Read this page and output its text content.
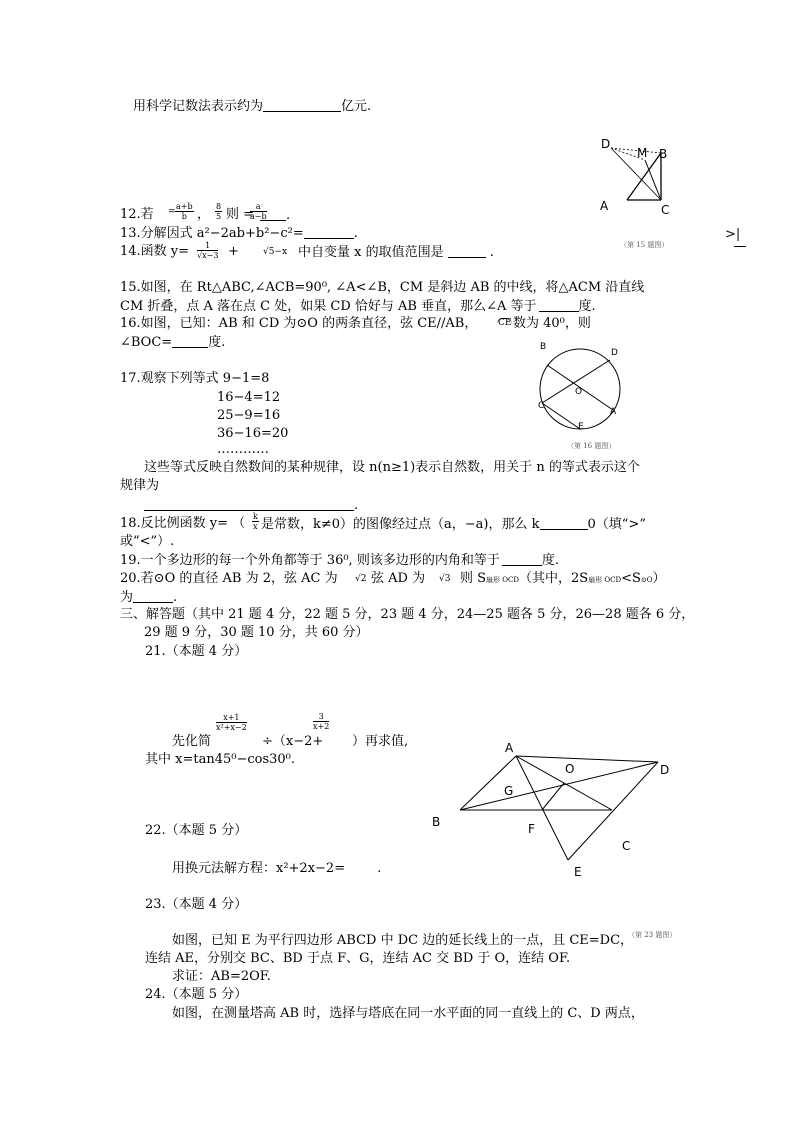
用科学记数法表示约为	亿元.
D
M B
A	C
（第 15 题图）
>|
12.若	$\frac{a+b}{b}$
= ， $\frac{8}{5}$ 则 =
$\frac{a}{a-b}$	.
13.分解因式 a²−2ab+b²−c²=	.
14.函数 $y= \frac{1}{√x-3}$ +	√5−x 中自变量 x 的取值范围是	.
15.如图，在 Rt△ABC,∠ACB=90⁰, ∠A<∠B，CM 是斜边 AB 的中线，将△ACM 沿直线
CM 折叠，点 A 落在点 C 处，如果 CD 恰好与 AB 垂直，那么∠A 等于	度.
16.如图，已知：AB 和 CD 为⊙O 的两条直径，弦 CE//AB， CE 数为 40⁰，则
∠BOC=	度.	B
D
O
C
A
E
（第 16 题图）
17.观察下列等式 9−1=8
16−4=12
25−9=16
36−16=20
…………
这些等式反映自然数间的某种规律，设 n(n≥1)表示自然数，用关于 n 的等式表示这个
规律为
.
18.反比例函数 y= （ $\frac{k}{x}$ 是常数，k≠0）的图像经过点（a，−a)，那么 k	0（填“>”
或“<”）.
19.一个多边形的每一个外角都等于 36⁰, 则该多边形的内角和等于	度.
20.若⊙O 的直径 AB 为 2，弦 AC 为 √2 弦 AD 为 √3 则 S扇形 OCD（其中，2S扇形 OCD<S⊙O）
为	.
三、解答题（其中 21 题 4 分，22 题 5 分，23 题 4 分，24—25 题各 5 分，26—28 题各 6 分，
29 题 9 分，30 题 10 分，共 60 分）
21.（本题 4 分）
先化简
$\frac{x+1}{\text{x²+x−2}}$
÷（x−2+
$\frac{3}{x+2}$
）再求值,
其中 x=tan45⁰−cos30⁰.
A
O	D
G
B	F
C
E
（第 23 题图）
22.（本题 5 分）
用换元法解方程：x²+2x−2= .
23.（本题 4 分）
如图，已知 E 为平行四边形 ABCD 中 DC 边的延长线上的一点，且 CE=DC，
连结 AE，分别交 BC、BD 于点 F、G，连结 AC 交 BD 于 O，连结 OF.
求证：AB=2OF.
24.（本题 5 分）
如图，在测量塔高 AB 时，选择与塔底在同一水平面的同一直线上的 C、D 两点，
